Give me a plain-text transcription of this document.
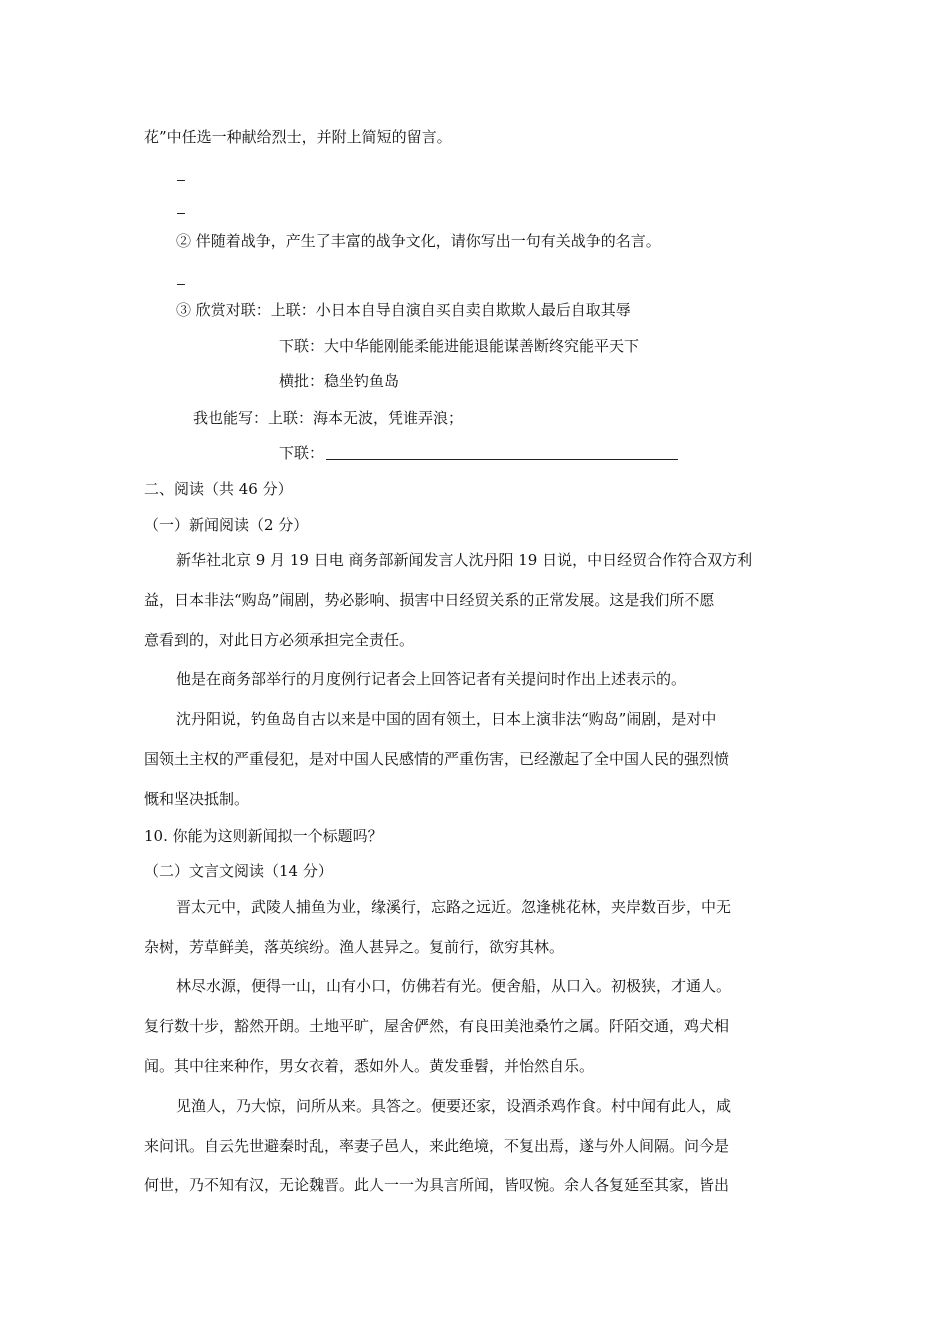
花”中任选一种献给烈士，并附上简短的留言。
② 伴随着战争，产生了丰富的战争文化，请你写出一句有关战争的名言。
③ 欣赏对联：上联：小日本自导自演自买自卖自欺欺人最后自取其辱
下联：大中华能刚能柔能进能退能谋善断终究能平天下
横批：稳坐钓鱼岛
我也能写：上联：海本无波，凭谁弄浪；
下联：
二、阅读（共 46 分）
（一）新闻阅读（2 分）
新华社北京 9 月 19 日电 商务部新闻发言人沈丹阳 19 日说，中日经贸合作符合双方利
益，日本非法“购岛”闹剧，势必影响、损害中日经贸关系的正常发展。这是我们所不愿
意看到的，对此日方必须承担完全责任。
他是在商务部举行的月度例行记者会上回答记者有关提问时作出上述表示的。
沈丹阳说，钓鱼岛自古以来是中国的固有领土，日本上演非法“购岛”闹剧，是对中
国领土主权的严重侵犯，是对中国人民感情的严重伤害，已经激起了全中国人民的强烈愤
慨和坚决抵制。
10. 你能为这则新闻拟一个标题吗？
（二）文言文阅读（14 分）
晋太元中，武陵人捕鱼为业，缘溪行，忘路之远近。忽逢桃花林，夹岸数百步，中无
杂树，芳草鲜美，落英缤纷。渔人甚异之。复前行，欲穷其林。
林尽水源，便得一山，山有小口，仿佛若有光。便舍船，从口入。初极狭，才通人。
复行数十步，豁然开朗。土地平旷，屋舍俨然，有良田美池桑竹之属。阡陌交通，鸡犬相
闻。其中往来种作，男女衣着，悉如外人。黄发垂髫，并怡然自乐。
见渔人，乃大惊，问所从来。具答之。便要还家，设酒杀鸡作食。村中闻有此人，咸
来问讯。自云先世避秦时乱，率妻子邑人，来此绝境，不复出焉，遂与外人间隔。问今是
何世，乃不知有汉，无论魏晋。此人一一为具言所闻，皆叹惋。余人各复延至其家，皆出
